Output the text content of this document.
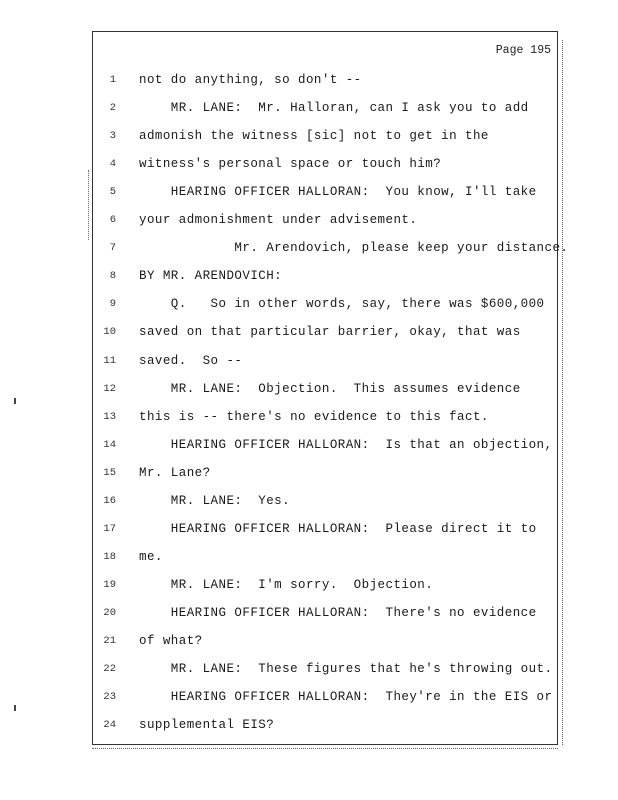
Page 195
1 not do anything, so don't --
2 MR. LANE:  Mr. Halloran, can I ask you to add
3 admonish the witness [sic] not to get in the
4 witness's personal space or touch him?
5 HEARING OFFICER HALLORAN:  You know, I'll take
6 your admonishment under advisement.
7 Mr. Arendovich, please keep your distance.
8 BY MR. ARENDOVICH:
9 Q.   So in other words, say, there was $600,000
10 saved on that particular barrier, okay, that was
11 saved.  So --
12 MR. LANE:  Objection.  This assumes evidence
13 this is -- there's no evidence to this fact.
14 HEARING OFFICER HALLORAN:  Is that an objection,
15 Mr. Lane?
16 MR. LANE:  Yes.
17 HEARING OFFICER HALLORAN:  Please direct it to
18 me.
19 MR. LANE:  I'm sorry.  Objection.
20 HEARING OFFICER HALLORAN:  There's no evidence
21 of what?
22 MR. LANE:  These figures that he's throwing out.
23 HEARING OFFICER HALLORAN:  They're in the EIS or
24 supplemental EIS?
